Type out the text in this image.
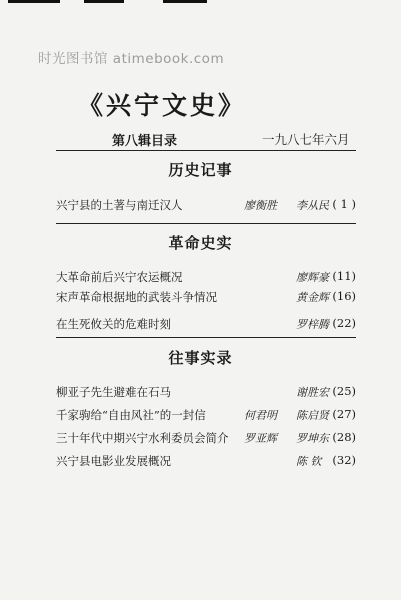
时光图书馆 atimebook.com
《兴宁文史》
第八辑目录	一九八七年六月
历史记事
兴宁县的土著与南迁汉人	廖衡胜 李从民 ( 1 )
革命史实
大革命前后兴宁农运概况	廖辉豪 (11)
宋声革命根据地的武装斗争情况	黄金辉 (16)
在生死攸关的危难时刻	罗梓腾 (22)
往事实录
柳亚子先生避难在石马	谢胜宏 (25)
千家驹给“自由风社”的一封信	何君明 陈启贤 (27)
三十年代中期兴宁水利委员会简介 罗亚辉 罗坤东 (28)
兴宁县电影业发展概况	陈 钦 (32)
